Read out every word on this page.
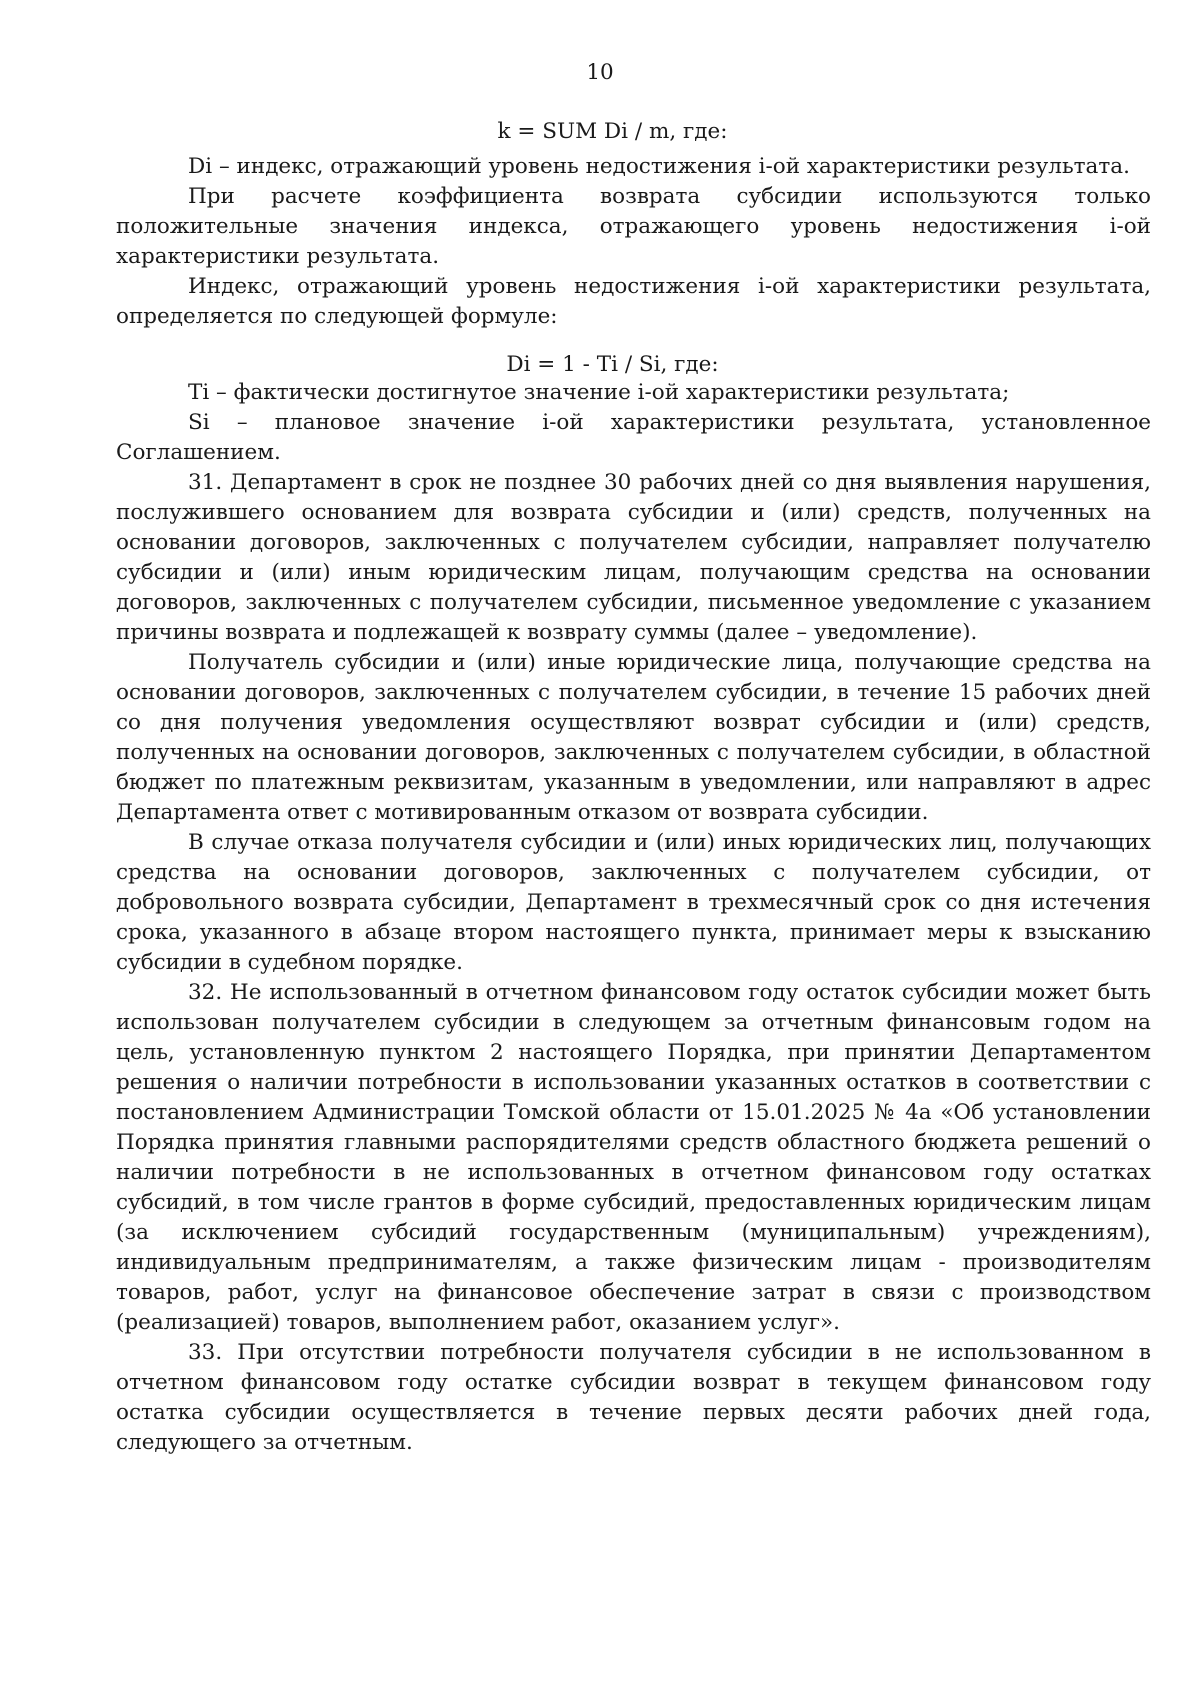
10
k = SUM Di / m, где:

Di – индекс, отражающий уровень недостижения i-ой характеристики результата.

При расчете коэффициента возврата субсидии используются только положительные значения индекса, отражающего уровень недостижения i-ой характеристики результата.

Индекс, отражающий уровень недостижения i-ой характеристики результата, определяется по следующей формуле:

Di = 1 - Ti / Si, где:

Ti – фактически достигнутое значение i-ой характеристики результата;

Si – плановое значение i-ой характеристики результата, установленное Соглашением.

31. Департамент в срок не позднее 30 рабочих дней со дня выявления нарушения, послужившего основанием для возврата субсидии и (или) средств, полученных на основании договоров, заключенных с получателем субсидии, направляет получателю субсидии и (или) иным юридическим лицам, получающим средства на основании договоров, заключенных с получателем субсидии, письменное уведомление с указанием причины возврата и подлежащей к возврату суммы (далее – уведомление).

Получатель субсидии и (или) иные юридические лица, получающие средства на основании договоров, заключенных с получателем субсидии, в течение 15 рабочих дней со дня получения уведомления осуществляют возврат субсидии и (или) средств, полученных на основании договоров, заключенных с получателем субсидии, в областной бюджет по платежным реквизитам, указанным в уведомлении, или направляют в адрес Департамента ответ с мотивированным отказом от возврата субсидии.

В случае отказа получателя субсидии и (или) иных юридических лиц, получающих средства на основании договоров, заключенных с получателем субсидии, от добровольного возврата субсидии, Департамент в трехмесячный срок со дня истечения срока, указанного в абзаце втором настоящего пункта, принимает меры к взысканию субсидии в судебном порядке.

32. Не использованный в отчетном финансовом году остаток субсидии может быть использован получателем субсидии в следующем за отчетным финансовым годом на цель, установленную пунктом 2 настоящего Порядка, при принятии Департаментом решения о наличии потребности в использовании указанных остатков в соответствии с постановлением Администрации Томской области от 15.01.2025 № 4а «Об установлении Порядка принятия главными распорядителями средств областного бюджета решений о наличии потребности в не использованных в отчетном финансовом году остатках субсидий, в том числе грантов в форме субсидий, предоставленных юридическим лицам (за исключением субсидий государственным (муниципальным) учреждениям), индивидуальным предпринимателям, а также физическим лицам - производителям товаров, работ, услуг на финансовое обеспечение затрат в связи с производством (реализацией) товаров, выполнением работ, оказанием услуг».

33. При отсутствии потребности получателя субсидии в не использованном в отчетном финансовом году остатке субсидии возврат в текущем финансовом году остатка субсидии осуществляется в течение первых десяти рабочих дней года, следующего за отчетным.
